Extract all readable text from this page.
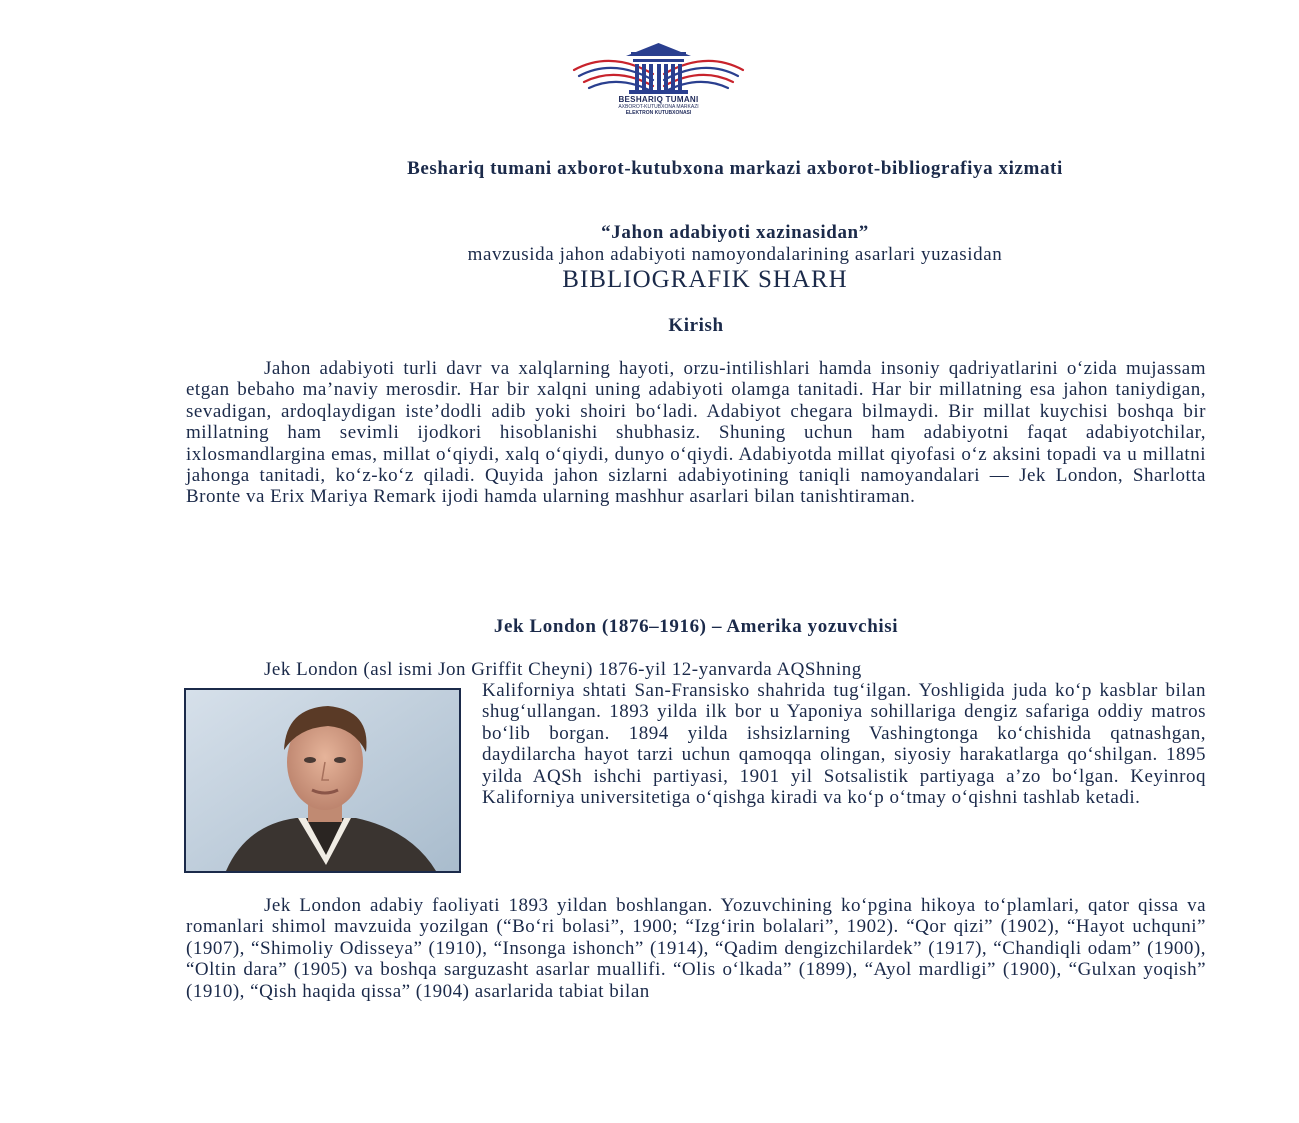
BESHARIQ TUMANI
AXBOROT-KUTUBXONA MARKAZI
ELEKTRON KUTUBXONASI
Beshariq tumani axborot-kutubxona markazi axborot-bibliografiya xizmati
“Jahon adabiyoti xazinasidan”
mavzusida jahon adabiyoti namoyondalarining asarlari yuzasidan
BIBLIOGRAFIK SHARH
Kirish
Jahon adabiyoti turli davr va xalqlarning hayoti, orzu-intilishlari hamda insoniy qadriyatlarini o‘zida mujassam etgan bebaho ma’naviy merosdir. Har bir xalqni uning adabiyoti olamga tanitadi. Har bir millatning esa jahon taniydigan, sevadigan, ardoqlaydigan iste’dodli adib yoki shoiri bo‘ladi. Adabiyot chegara bilmaydi. Bir millat kuychisi boshqa bir millatning ham sevimli ijodkori hisoblanishi shubhasiz. Shuning uchun ham adabiyotni faqat adabiyotchilar, ixlosmandlargina emas, millat o‘qiydi, xalq o‘qiydi, dunyo o‘qiydi. Adabiyotda millat qiyofasi o‘z aksini topadi va u millatni jahonga tanitadi, ko‘z-ko‘z qiladi. Quyida jahon sizlarni adabiyotining taniqli namoyandalari — Jek London, Sharlotta Bronte va Erix Mariya Remark ijodi hamda ularning mashhur asarlari bilan tanishtiraman.
Jek London (1876–1916) – Amerika yozuvchisi
Jek London (asl ismi Jon Griffit Cheyni) 1876-yil 12-yanvarda AQShning
Kaliforniya shtati San-Fransisko shahrida tug‘ilgan. Yoshligida juda ko‘p kasblar bilan shug‘ullangan. 1893 yilda ilk bor u Yaponiya sohillariga dengiz safariga oddiy matros bo‘lib borgan. 1894 yilda ishsizlarning Vashingtonga ko‘chishida qatnashgan, daydilarcha hayot tarzi uchun qamoqqa olingan, siyosiy harakatlarga qo‘shilgan. 1895 yilda AQSh ishchi partiyasi, 1901 yil Sotsalistik partiyaga a’zo bo‘lgan. Keyinroq Kaliforniya universitetiga o‘qishga kiradi va ko‘p o‘tmay o‘qishni tashlab ketadi.
Jek London adabiy faoliyati 1893 yildan boshlangan. Yozuvchining ko‘pgina hikoya to‘plamlari, qator qissa va romanlari shimol mavzuida yozilgan (“Bo‘ri bolasi”, 1900; “Izg‘irin bolalari”, 1902). “Qor qizi” (1902), “Hayot uchquni” (1907), “Shimoliy Odisseya” (1910), “Insonga ishonch” (1914), “Qadim dengizchilardek” (1917), “Chandiqli odam” (1900), “Oltin dara” (1905) va boshqa sarguzasht asarlar muallifi. “Olis o‘lkada” (1899), “Ayol mardligi” (1900), “Gulxan yoqish” (1910), “Qish haqida qissa” (1904) asarlarida tabiat bilan
